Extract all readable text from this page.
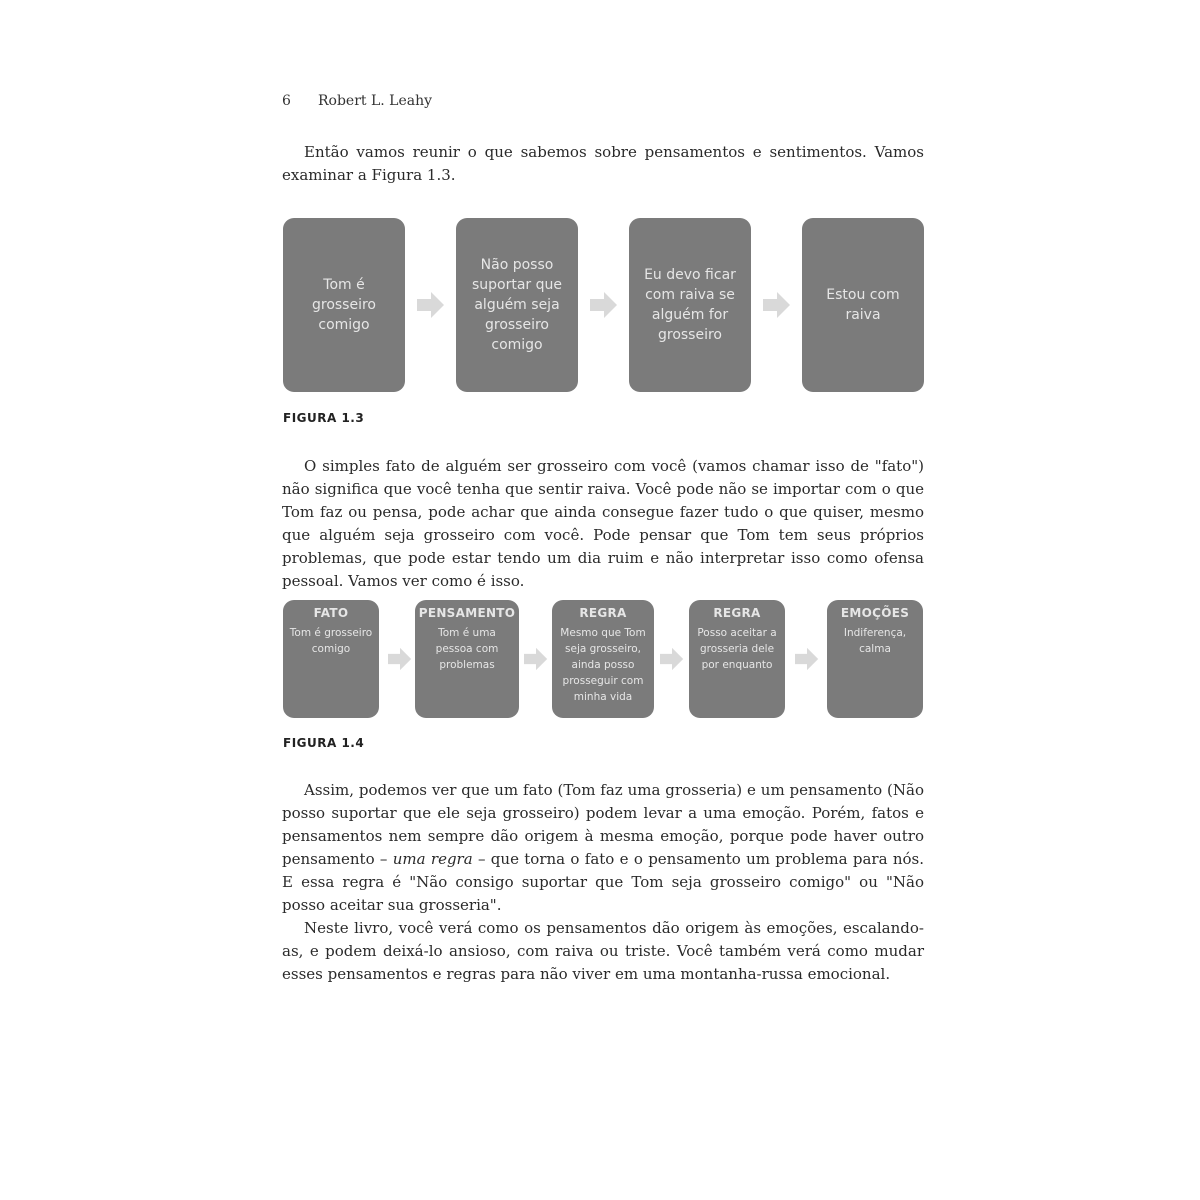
6 Robert L. Leahy

Então vamos reunir o que sabemos sobre pensamentos e sentimentos. Vamos examinar a Figura 1.3.

Tom é grosseiro comigo
Não posso suportar que alguém seja grosseiro comigo
Eu devo ficar com raiva se alguém for grosseiro
Estou com raiva
FIGURA 1.3

O simples fato de alguém ser grosseiro com você (vamos chamar isso de "fato") não significa que você tenha que sentir raiva. Você pode não se importar com o que Tom faz ou pensa, pode achar que ainda consegue fazer tudo o que quiser, mesmo que alguém seja grosseiro com você. Pode pensar que Tom tem seus próprios problemas, que pode estar tendo um dia ruim e não interpretar isso como ofensa pessoal. Vamos ver como é isso.

FATO
Tom é grosseiro comigo
PENSAMENTO
Tom é uma pessoa com problemas
REGRA
Mesmo que Tom seja grosseiro, ainda posso prosseguir com minha vida
REGRA
Posso aceitar a grosseria dele por enquanto
EMOÇÕES
Indiferença, calma
FIGURA 1.4

Assim, podemos ver que um fato (Tom faz uma grosseria) e um pensamento (Não posso suportar que ele seja grosseiro) podem levar a uma emoção. Porém, fatos e pensamentos nem sempre dão origem à mesma emoção, porque pode haver outro pensamento – uma regra – que torna o fato e o pensamento um problema para nós. E essa regra é "Não consigo suportar que Tom seja grosseiro comigo" ou "Não posso aceitar sua grosseria".

Neste livro, você verá como os pensamentos dão origem às emoções, escalando-as, e podem deixá-lo ansioso, com raiva ou triste. Você também verá como mudar esses pensamentos e regras para não viver em uma montanha-russa emocional.
